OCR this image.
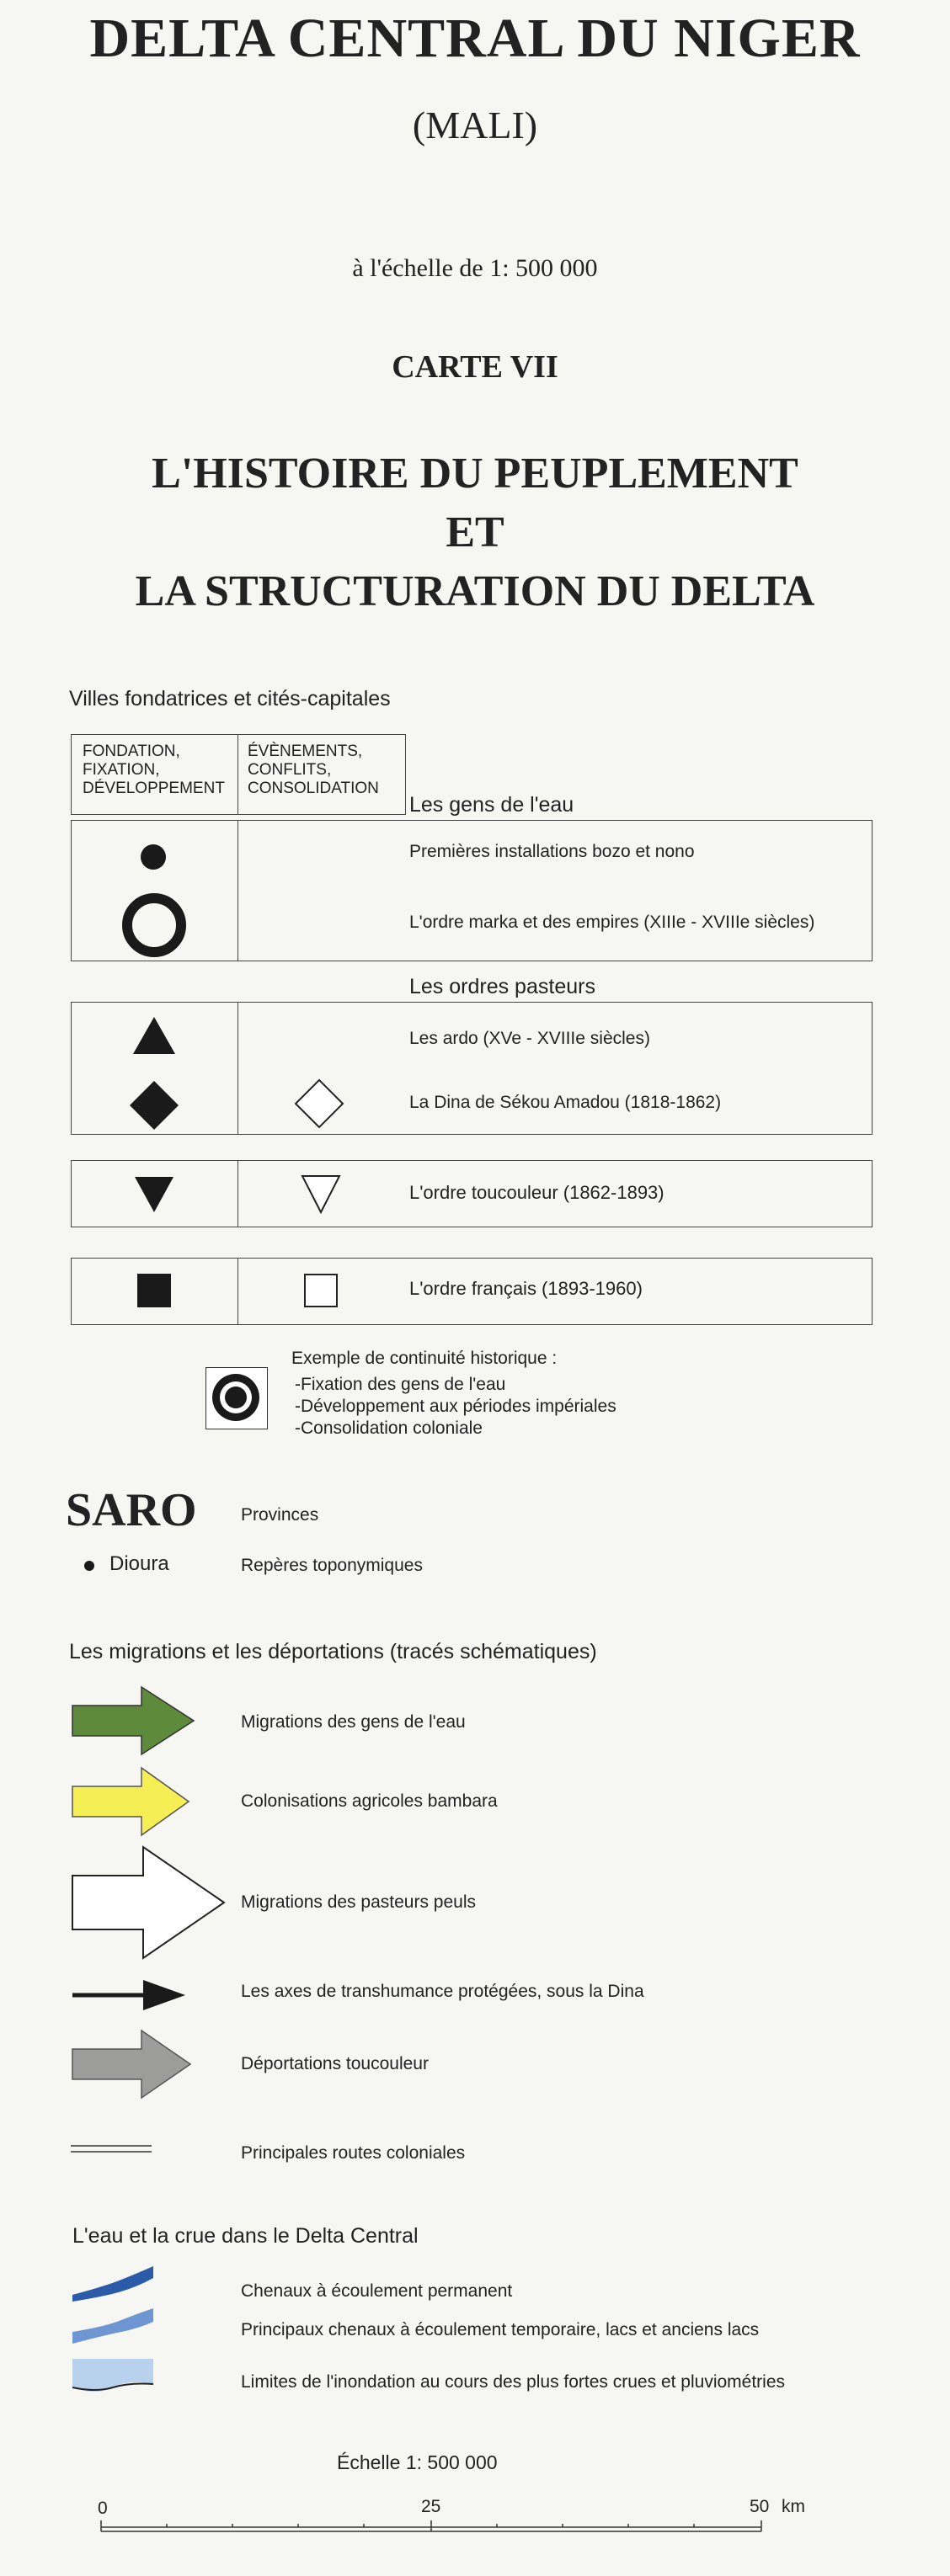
DELTA CENTRAL DU NIGER
(MALI)
à l'échelle de 1: 500 000
CARTE VII
L'HISTOIRE DU PEUPLEMENT
ET
LA STRUCTURATION DU DELTA
Villes fondatrices et cités-capitales
FONDATION,
FIXATION,
DÉVELOPPEMENT
ÉVÈNEMENTS,
CONFLITS,
CONSOLIDATION
Les gens de l'eau
Premières installations bozo et nono
L'ordre marka et des empires (XIIIe - XVIIIe siècles)
Les ordres pasteurs
Les ardo (XVe - XVIIIe siècles)
La Dina de Sékou Amadou (1818-1862)
L'ordre toucouleur (1862-1893)
L'ordre français (1893-1960)
Exemple de continuité historique :
-Fixation des gens de l'eau
-Développement aux périodes impériales
-Consolidation coloniale
SARO Provinces
Dioura	Repères toponymiques
Les migrations et les déportations (tracés schématiques)
Migrations des gens de l'eau
Colonisations agricoles bambara
Migrations des pasteurs peuls
Les axes de transhumance protégées, sous la Dina
Déportations toucouleur
Principales routes coloniales
L'eau et la crue dans le Delta Central
Chenaux à écoulement permanent
Principaux chenaux à écoulement temporaire, lacs et anciens lacs
Limites de l'inondation au cours des plus fortes crues et pluviométries
Échelle 1: 500 000
0	25	50 km
